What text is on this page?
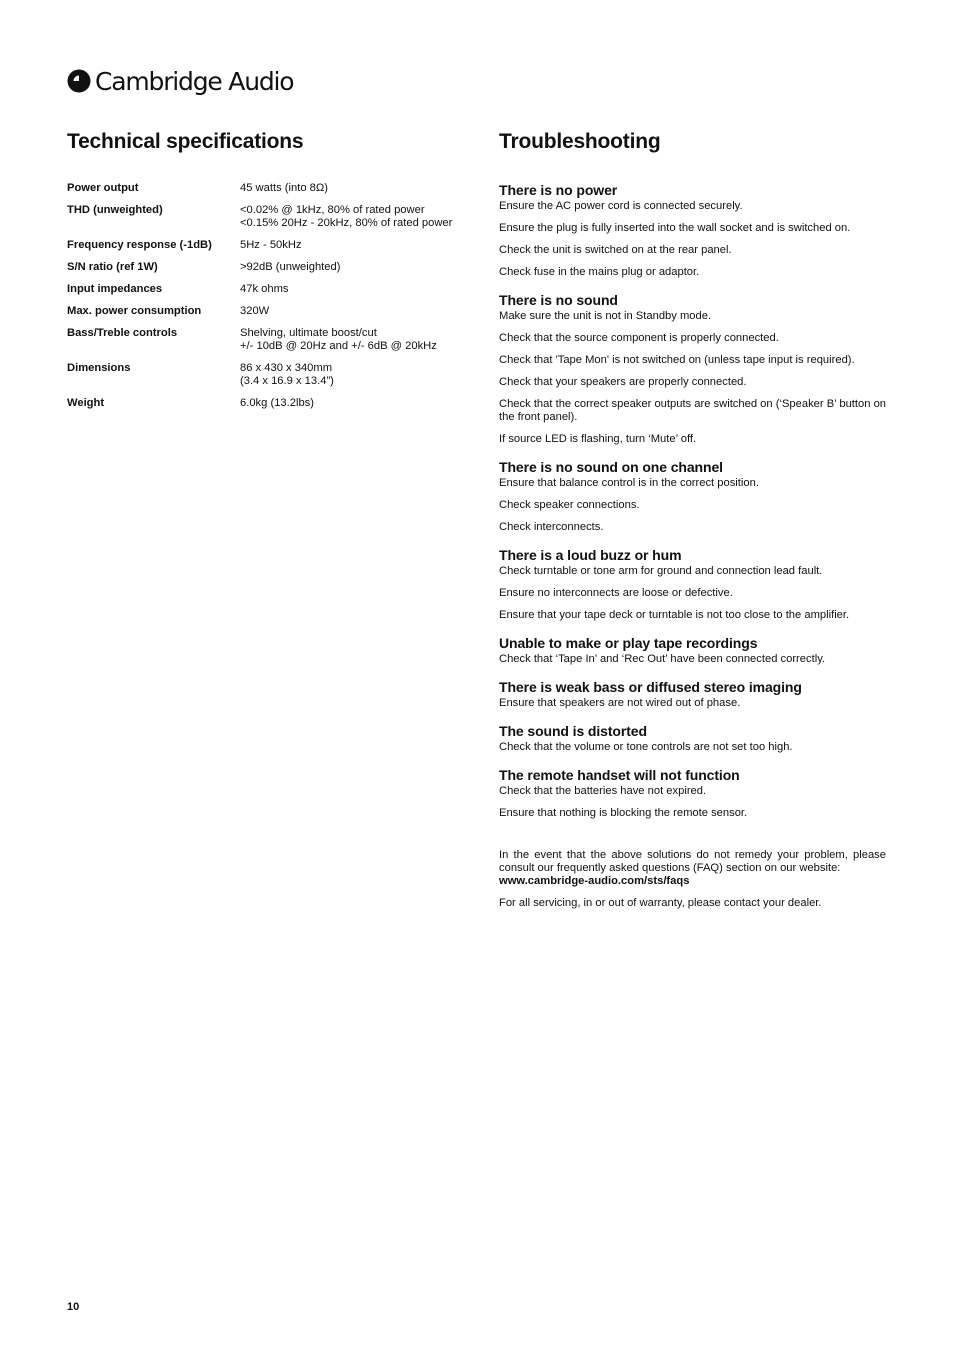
Cambridge Audio
Technical specifications
Power output	45 watts (into 8Ω)
THD (unweighted)	<0.02% @ 1kHz, 80% of rated power
<0.15% 20Hz - 20kHz, 80% of rated power
Frequency response (-1dB)	5Hz - 50kHz
S/N ratio (ref 1W)	>92dB (unweighted)
Input impedances	47k ohms
Max. power consumption	320W
Bass/Treble controls	Shelving, ultimate boost/cut
+/- 10dB @ 20Hz and +/- 6dB @ 20kHz
Dimensions	86 x 430 x 340mm
(3.4 x 16.9 x 13.4”)
Weight	6.0kg (13.2lbs)
Troubleshooting
There is no power

Ensure the AC power cord is connected securely.

Ensure the plug is fully inserted into the wall socket and is switched on.

Check the unit is switched on at the rear panel.

Check fuse in the mains plug or adaptor.

There is no sound

Make sure the unit is not in Standby mode.

Check that the source component is properly connected.

Check that 'Tape Mon' is not switched on (unless tape input is required).

Check that your speakers are properly connected.

Check that the correct speaker outputs are switched on (‘Speaker B’ button on the front panel).

If source LED is flashing, turn ‘Mute’ off.

There is no sound on one channel

Ensure that balance control is in the correct position.

Check speaker connections.

Check interconnects.

There is a loud buzz or hum

Check turntable or tone arm for ground and connection lead fault.

Ensure no interconnects are loose or defective.

Ensure that your tape deck or turntable is not too close to the amplifier.

Unable to make or play tape recordings

Check that ‘Tape In’ and ‘Rec Out’ have been connected correctly.

There is weak bass or diffused stereo imaging

Ensure that speakers are not wired out of phase.

The sound is distorted

Check that the volume or tone controls are not set too high.

The remote handset will not function

Check that the batteries have not expired.

Ensure that nothing is blocking the remote sensor.

In the event that the above solutions do not remedy your problem, please consult our frequently asked questions (FAQ) section on our website:
www.cambridge-audio.com/sts/faqs
For all servicing, in or out of warranty, please contact your dealer.
10
